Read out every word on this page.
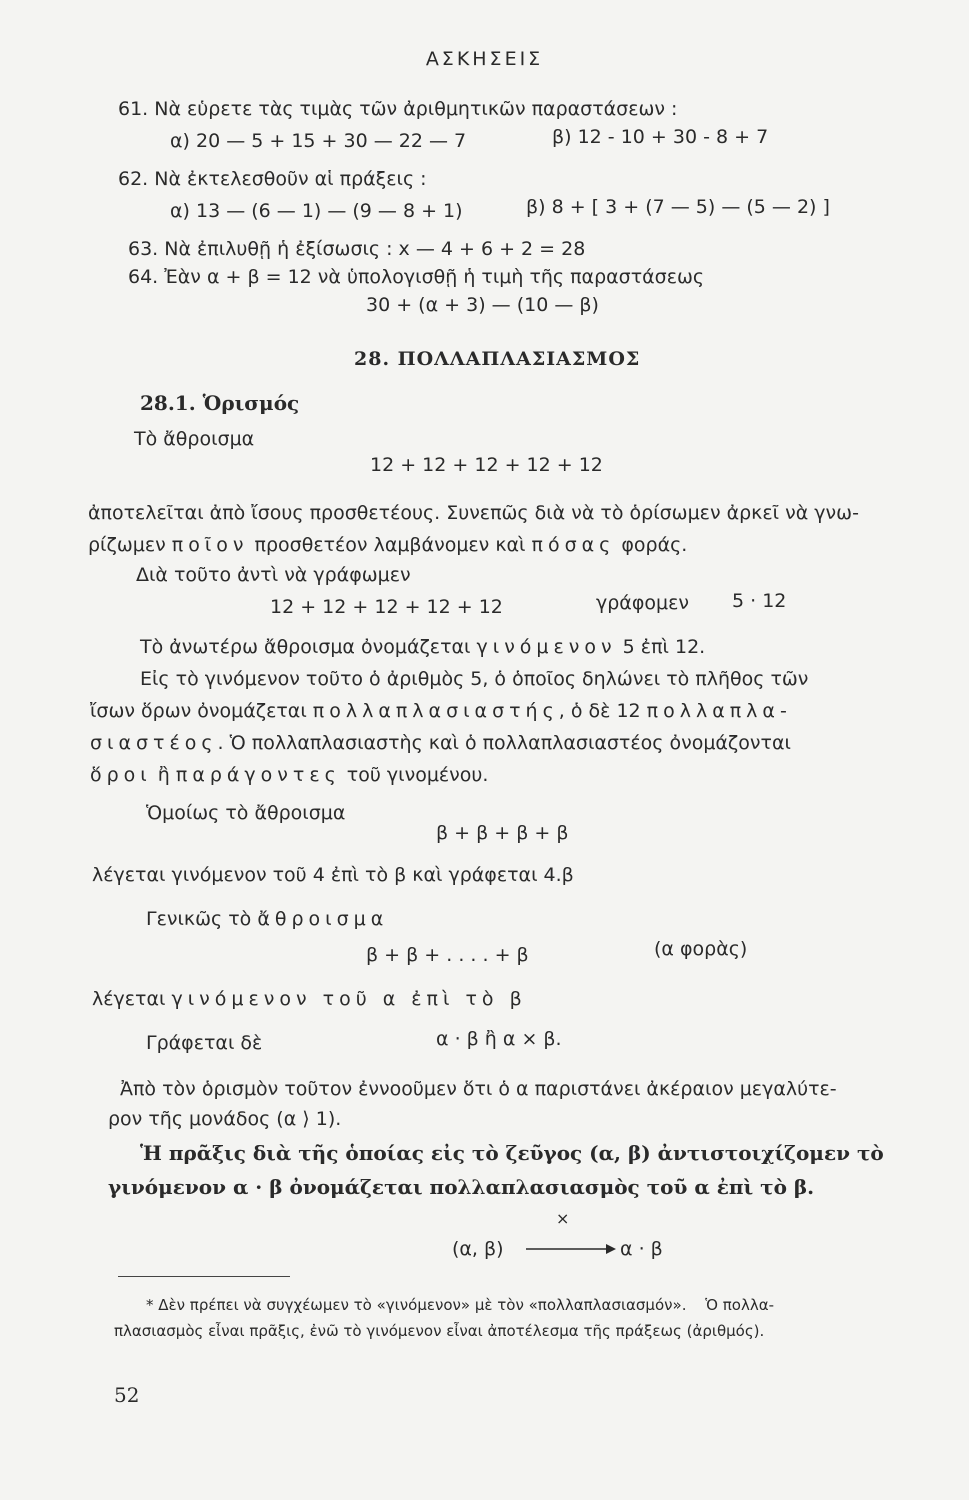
ΑΣΚΗΣΕΙΣ
61. Νὰ εὑρετε τὰς τιμὰς τῶν ἀριθμητικῶν παραστάσεων :
α) 20 — 5 + 15 + 30 — 22 — 7	β) 12 - 10 + 30 - 8 + 7
62. Νὰ ἐκτελεσθοῦν αἱ πράξεις :
α) 13 — (6 — 1) — (9 — 8 + 1)	β) 8 + [ 3 + (7 — 5) — (5 — 2) ]
63. Νὰ ἐπιλυθῇ ἡ ἐξίσωσις : x — 4 + 6 + 2 = 28
64. Ἐὰν α + β = 12 νὰ ὑπολογισθῇ ἡ τιμὴ τῆς παραστάσεως
30 + (α + 3) — (10 — β)
28. ΠΟΛΛΑΠΛΑΣΙΑΣΜΟΣ
28.1. Ὁρισμός
Τὸ ἄθροισμα
12 + 12 + 12 + 12 + 12
ἀποτελεῖται ἀπὸ ἴσους προσθετέους. Συνεπῶς διὰ νὰ τὸ ὁρίσωμεν ἀρκεῖ νὰ γνω-
ρίζωμεν ποῖον προσθετέον λαμβάνομεν καὶ πόσας φοράς.
Διὰ τοῦτο ἀντὶ νὰ γράφωμεν
12 + 12 + 12 + 12 + 12	γράφομεν 5 · 12
Τὸ ἀνωτέρω ἄθροισμα ὀνομάζεται γινόμενον 5 ἐπὶ 12.
Εἰς τὸ γινόμενον τοῦτο ὁ ἀριθμὸς 5, ὁ ὁποῖος δηλώνει τὸ πλῆθος τῶν
ἴσων ὅρων ὀνομάζεται πολλαπλασιαστής, ὁ δὲ 12 πολλαπλα-
σιαστέος. Ὁ πολλαπλασιαστὴς καὶ ὁ πολλαπλασιαστέος ὀνομάζονται
ὅροι ἢ παράγοντες τοῦ γινομένου.
Ὁμοίως τὸ ἄθροισμα
β + β + β + β
λέγεται γινόμενον τοῦ 4 ἐπὶ τὸ β καὶ γράφεται 4.β
Γενικῶς τὸ ἄθροισμα
β + β + . . . . + β	(α φορὰς)
λέγεται γινόμενον τοῦ α ἐπὶ τὸ β
Γράφεται δὲ	α · β ἢ α × β.
Ἀπὸ τὸν ὁρισμὸν τοῦτον ἐννοοῦμεν ὅτι ὁ α παριστάνει ἀκέραιον μεγαλύτε-
ρον τῆς μονάδος (α ⟩ 1).
Ἡ πρᾶξις διὰ τῆς ὁποίας εἰς τὸ ζεῦγος (α, β) ἀντιστοιχίζομεν τὸ
γινόμενον α · β ὀνομάζεται πολλαπλασιασμὸς τοῦ α ἐπὶ τὸ β.
(α, β)
×
α · β
* Δὲν πρέπει νὰ συγχέωμεν τὸ «γινόμενον» μὲ τὸν «πολλαπλασιασμόν». Ὁ πολλα-
πλασιασμὸς εἶναι πρᾶξις, ἐνῶ τὸ γινόμενον εἶναι ἀποτέλεσμα τῆς πράξεως (ἀριθμός).
52
